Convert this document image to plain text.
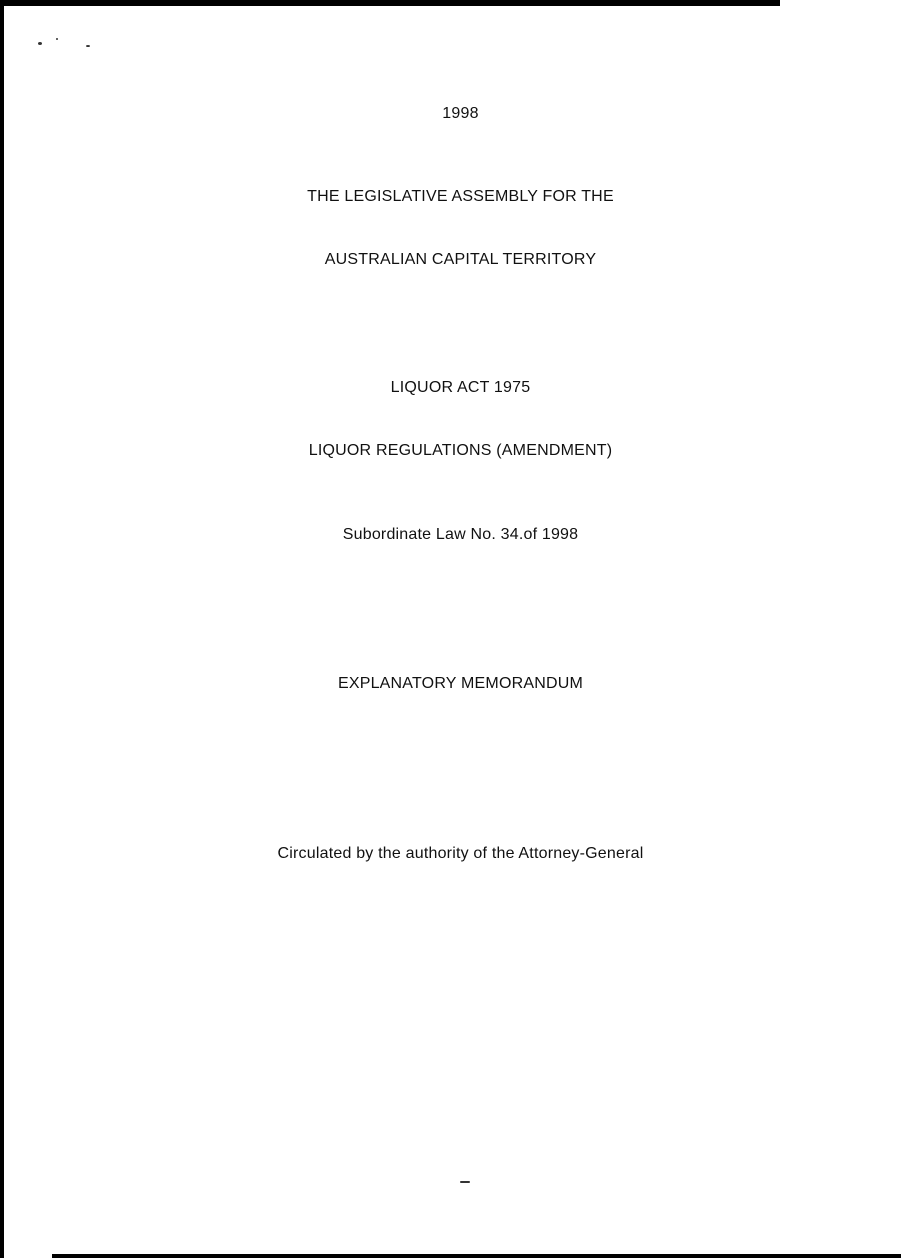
1998
THE LEGISLATIVE ASSEMBLY FOR THE
AUSTRALIAN CAPITAL TERRITORY
LIQUOR ACT 1975
LIQUOR REGULATIONS (AMENDMENT)
Subordinate Law No. 34.of 1998
EXPLANATORY MEMORANDUM
Circulated by the authority of the Attorney-General
